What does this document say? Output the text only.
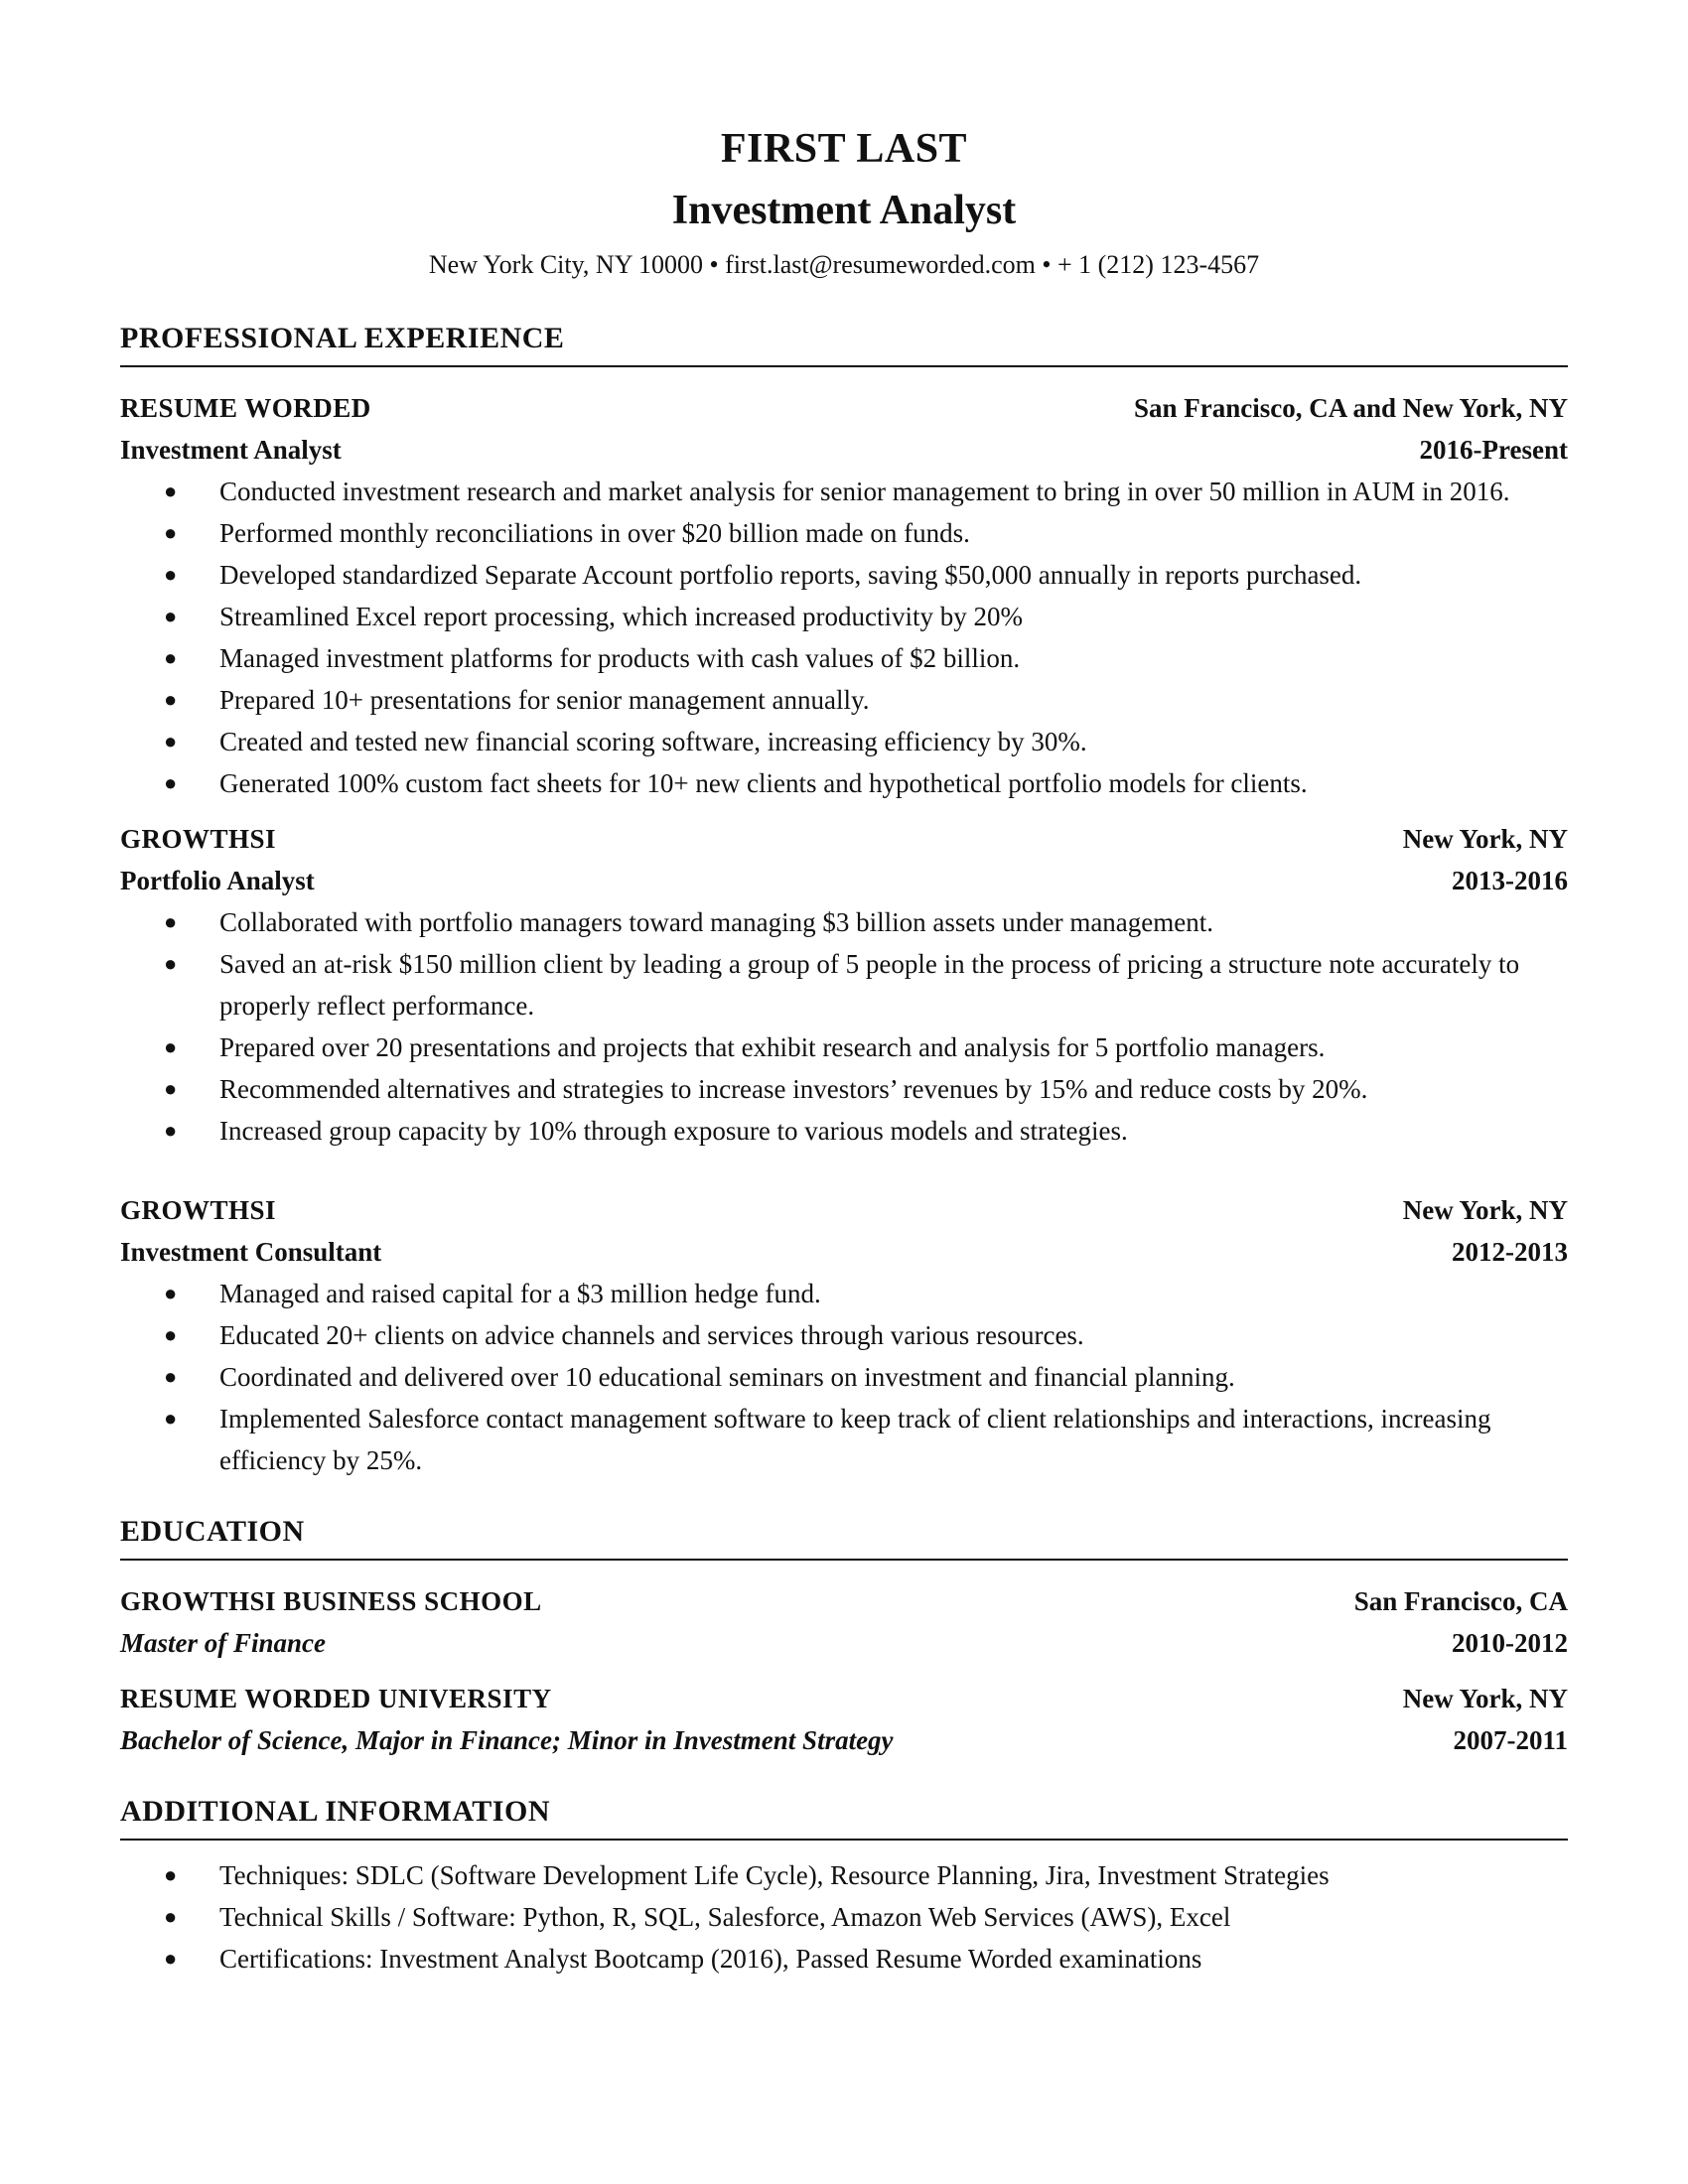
FIRST LAST
Investment Analyst
New York City, NY 10000 • first.last@resumeworded.com • + 1 (212) 123-4567
PROFESSIONAL EXPERIENCE
RESUME WORDED	San Francisco, CA and New York, NY
Investment Analyst	2016-Present
● Conducted investment research and market analysis for senior management to bring in over 50 million in AUM in 2016.
● Performed monthly reconciliations in over $20 billion made on funds.
● Developed standardized Separate Account portfolio reports, saving $50,000 annually in reports purchased.
● Streamlined Excel report processing, which increased productivity by 20%
● Managed investment platforms for products with cash values of $2 billion.
● Prepared 10+ presentations for senior management annually.
● Created and tested new financial scoring software, increasing efficiency by 30%.
● Generated 100% custom fact sheets for 10+ new clients and hypothetical portfolio models for clients.
GROWTHSI	New York, NY
Portfolio Analyst	2013-2016
● Collaborated with portfolio managers toward managing $3 billion assets under management.
● Saved an at-risk $150 million client by leading a group of 5 people in the process of pricing a structure note accurately to properly reflect performance.
● Prepared over 20 presentations and projects that exhibit research and analysis for 5 portfolio managers.
● Recommended alternatives and strategies to increase investors’ revenues by 15% and reduce costs by 20%.
● Increased group capacity by 10% through exposure to various models and strategies.
GROWTHSI	New York, NY
Investment Consultant	2012-2013
● Managed and raised capital for a $3 million hedge fund.
● Educated 20+ clients on advice channels and services through various resources.
● Coordinated and delivered over 10 educational seminars on investment and financial planning.
● Implemented Salesforce contact management software to keep track of client relationships and interactions, increasing efficiency by 25%.
EDUCATION
GROWTHSI BUSINESS SCHOOL	San Francisco, CA
Master of Finance	2010-2012
RESUME WORDED UNIVERSITY	New York, NY
Bachelor of Science, Major in Finance; Minor in Investment Strategy	2007-2011
ADDITIONAL INFORMATION
● Techniques: SDLC (Software Development Life Cycle), Resource Planning, Jira, Investment Strategies
● Technical Skills / Software: Python, R, SQL, Salesforce, Amazon Web Services (AWS), Excel
● Certifications: Investment Analyst Bootcamp (2016), Passed Resume Worded examinations
